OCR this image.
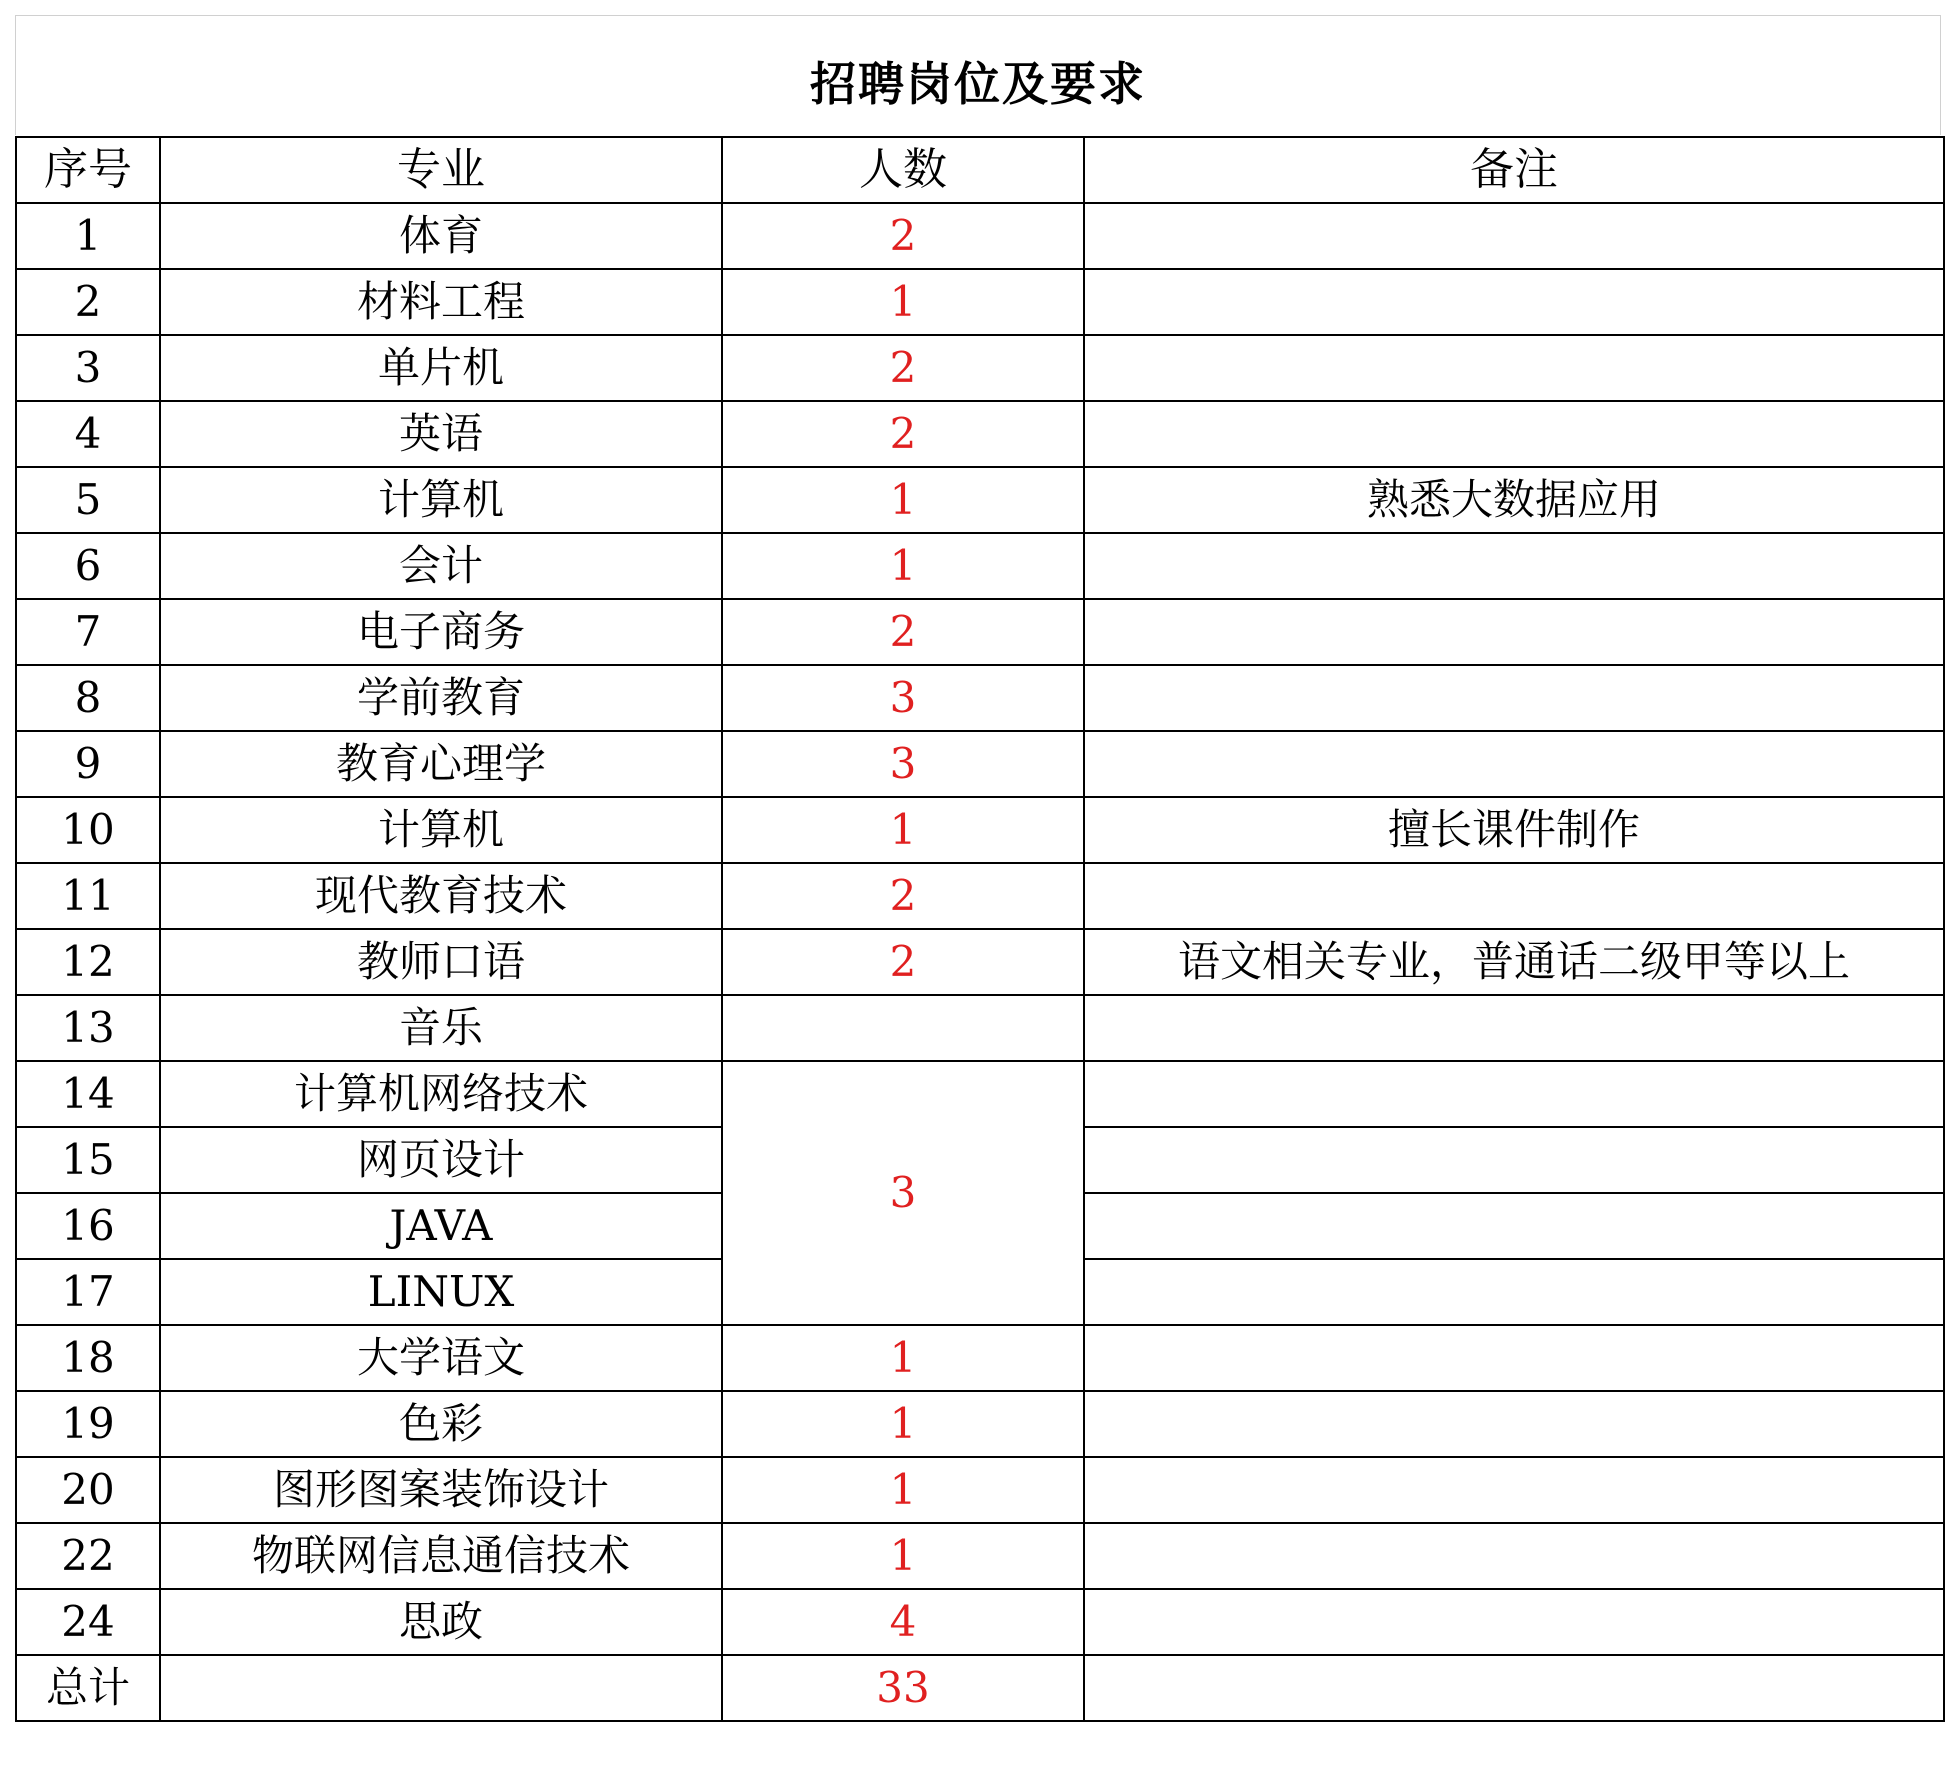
招聘岗位及要求
序号	专业	人数	备注
1	体育	2	
2	材料工程	1	
3	单片机	2	
4	英语	2	
5	计算机	1	熟悉大数据应用
6	会计	1	
7	电子商务	2	
8	学前教育	3	
9	教育心理学	3	
10	计算机	1	擅长课件制作
11	现代教育技术	2	
12	教师口语	2	语文相关专业，普通话二级甲等以上
13	音乐		
14	计算机网络技术	3	
15	网页设计		
16	JAVA		
17	LINUX		
18	大学语文	1	
19	色彩	1	
20	图形图案装饰设计	1	
22	物联网信息通信技术	1	
24	思政	4	
总计		33	
